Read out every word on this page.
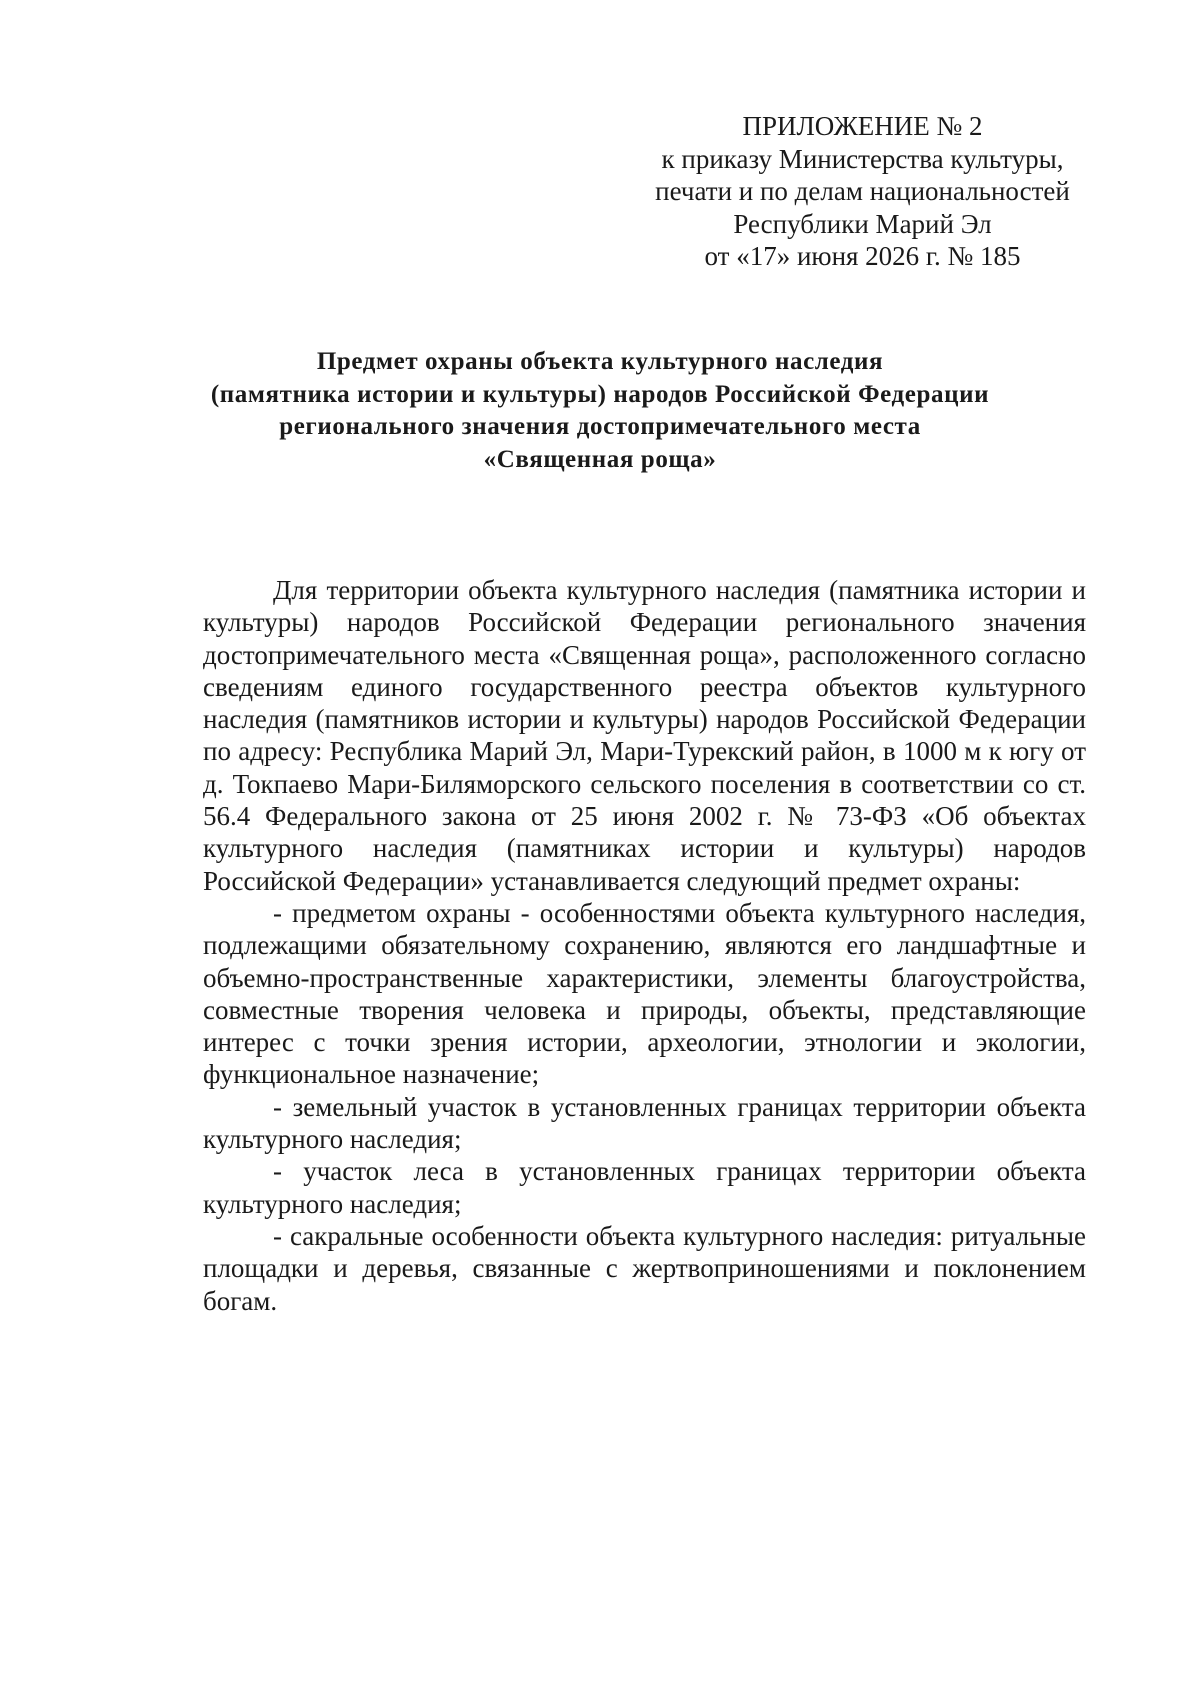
ПРИЛОЖЕНИЕ № 2
к приказу Министерства культуры,
печати и по делам национальностей
Республики Марий Эл
от «17» июня 2026 г. № 185
Предмет охраны объекта культурного наследия
(памятника истории и культуры) народов Российской Федерации
регионального значения достопримечательного места
«Священная роща»

Для территории объекта культурного наследия (памятника истории и культуры) народов Российской Федерации регионального значения достопримечательного места «Священная роща», расположенного согласно сведениям единого государственного реестра объектов культурного наследия (памятников истории и культуры) народов Российской Федерации по адресу: Республика Марий Эл, Мари-Турекский район, в 1000 м к югу от д. Токпаево Мари-Биляморского сельского поселения в соответствии со ст. 56.4 Федерального закона от 25 июня 2002 г. № 73-ФЗ «Об объектах культурного наследия (памятниках истории и культуры) народов Российской Федерации» устанавливается следующий предмет охраны:

- предметом охраны - особенностями объекта культурного наследия, подлежащими обязательному сохранению, являются его ландшафтные и объемно-пространственные характеристики, элементы благоустройства, совместные творения человека и природы, объекты, представляющие интерес с точки зрения истории, археологии, этнологии и экологии, функциональное назначение;

- земельный участок в установленных границах территории объекта культурного наследия;

- участок леса в установленных границах территории объекта культурного наследия;

- сакральные особенности объекта культурного наследия: ритуальные площадки и деревья, связанные с жертвоприношениями и поклонением богам.
